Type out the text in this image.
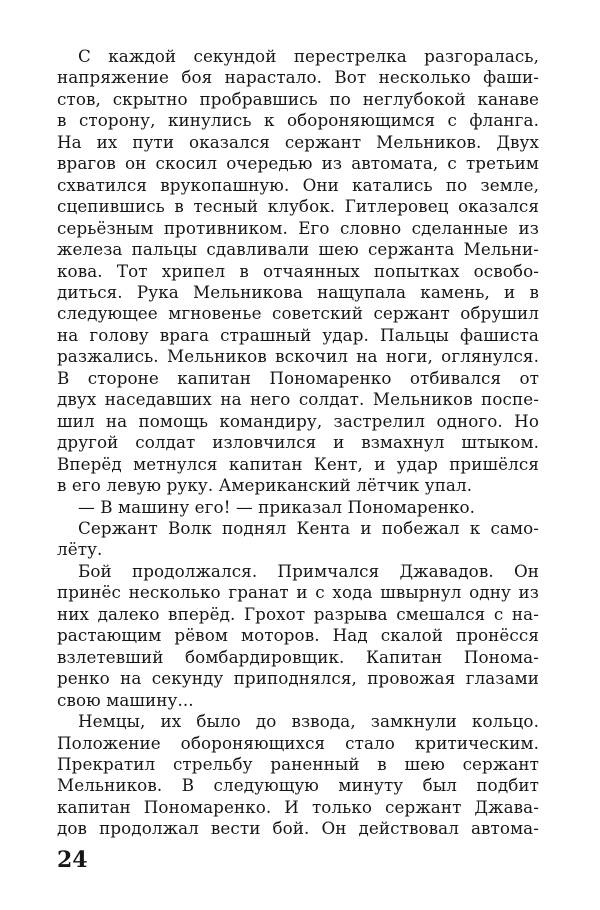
С каждой секундой перестрелка разгоралась,
напряжение боя нарастало. Вот несколько фаши-
стов, скрытно пробравшись по неглубокой канаве
в сторону, кинулись к обороняющимся с фланга.
На их пути оказался сержант Мельников. Двух
врагов он скосил очередью из автомата, с третьим
схватился врукопашную. Они катались по земле,
сцепившись в тесный клубок. Гитлеровец оказался
серьёзным противником. Его словно сделанные из
железа пальцы сдавливали шею сержанта Мельни-
кова. Тот хрипел в отчаянных попытках освобо-
диться. Рука Мельникова нащупала камень, и в
следующее мгновенье советский сержант обрушил
на голову врага страшный удар. Пальцы фашиста
разжались. Мельников вскочил на ноги, оглянулся.
В стороне капитан Пономаренко отбивался от
двух наседавших на него солдат. Мельников поспе-
шил на помощь командиру, застрелил одного. Но
другой солдат изловчился и взмахнул штыком.
Вперёд метнулся капитан Кент, и удар пришёлся
в его левую руку. Американский лётчик упал.
— В машину его! — приказал Пономаренко.
Сержант Волк поднял Кента и побежал к само-
лёту.
Бой продолжался. Примчался Джавадов. Он
принёс несколько гранат и с хода швырнул одну из
них далеко вперёд. Грохот разрыва смешался с на-
растающим рёвом моторов. Над скалой пронёсся
взлетевший бомбардировщик. Капитан Пономa-
ренко на секунду приподнялся, провожая глазами
свою машину...
Немцы, их было до взвода, замкнули кольцо.
Положение обороняющихся стало критическим.
Прекратил стрельбу раненный в шею сержант
Мельников. В следующую минуту был подбит
капитан Пономаренко. И только сержант Джава-
дов продолжал вести бой. Он действовал автома-
24
